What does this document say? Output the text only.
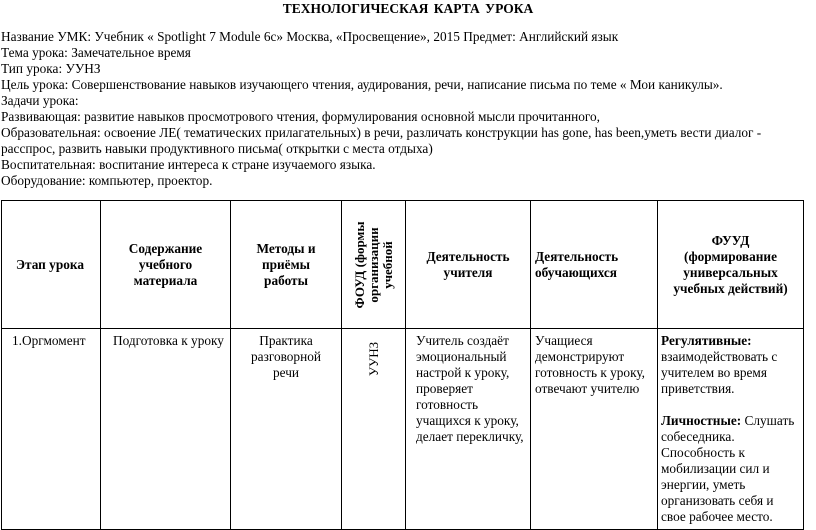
ТЕХНОЛОГИЧЕСКАЯ КАРТА УРОКА
Название УМК: Учебник « Spotlight 7 Module 6c» Москва, «Просвещение», 2015 Предмет: Английский язык
Тема урока: Замечательное время
Тип урока: УУНЗ
Цель урока: Совершенствование навыков изучающего чтения, аудирования, речи, написание письма по теме « Мои каникулы».
Задачи урока:
Развивающая: развитие навыков просмотрового чтения, формулирования основной мысли прочитанного,
Образовательная: освоение ЛЕ( тематических прилагательных) в речи, различать конструкции has gone, has been,уметь вести диалог - расспрос, развить навыки продуктивного письма( открытки с места отдыха)
Воспитательная: воспитание интереса к стране изучаемого языка.
Оборудование: компьютер, проектор.
Этап урока	Содержание учебного материала	Методы и приёмы работы	ФОУД (формы организации учебной	Деятельность учителя	Деятельность обучающихся	ФУУД (формирование универсальных учебных действий)

1.Оргмомент	Подготовка к уроку	Практика разговорной речи	УУНЗ	Учитель создаёт эмоциональный настрой к уроку, проверяет готовность учащихся к уроку, делает перекличку,	Учащиеся демонстрируют готовность к уроку, отвечают учителю	Регулятивные: взаимодействовать с учителем во время приветствия.
Личностные: Слушать собеседника. Способность к мобилизации сил и энергии, уметь организовать себя и свое рабочее место.
